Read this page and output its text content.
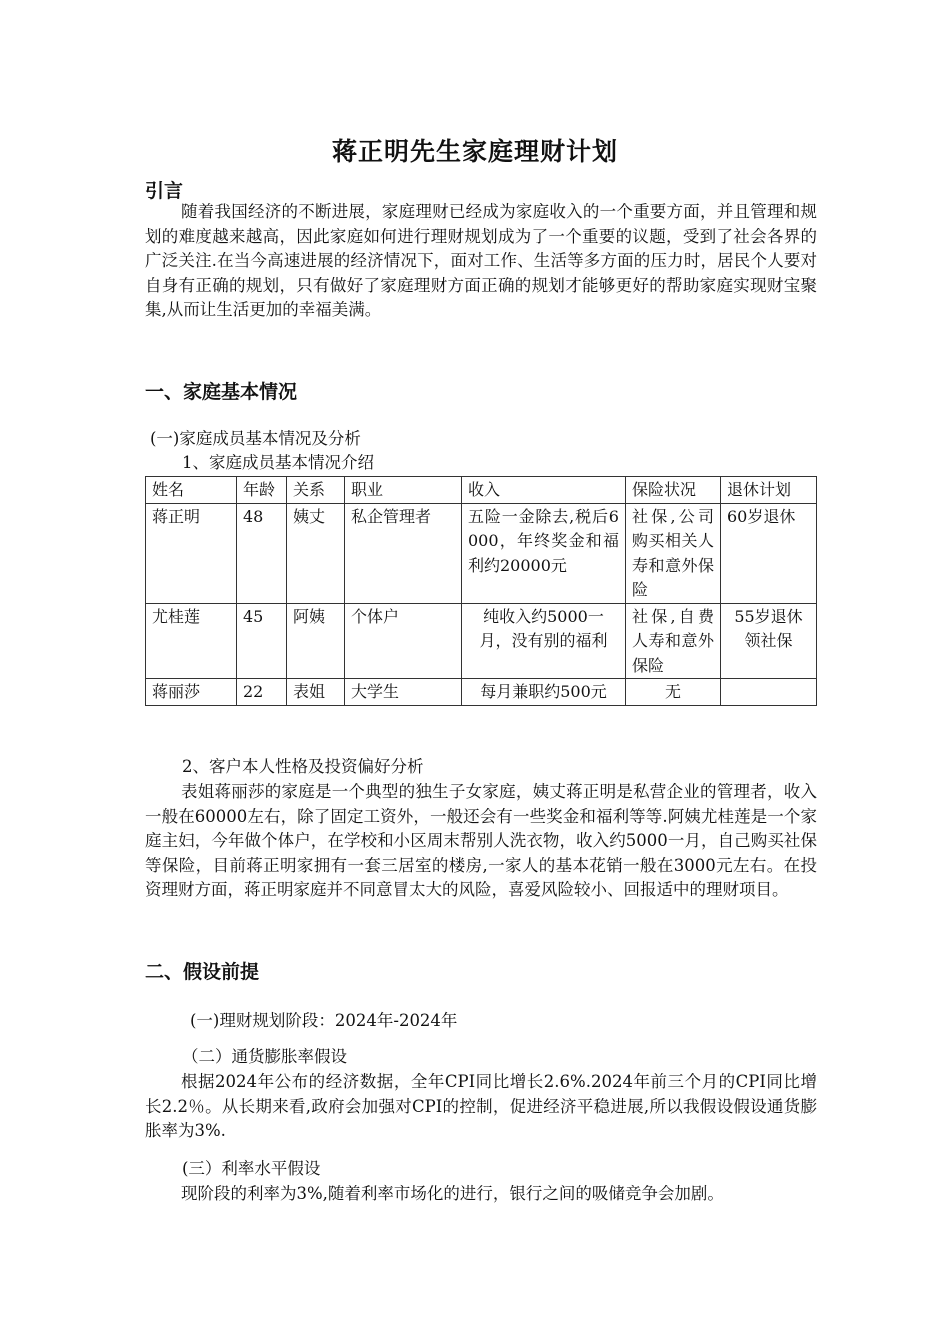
蒋正明先生家庭理财计划
引言

随着我国经济的不断进展，家庭理财已经成为家庭收入的一个重要方面，并且管理和规划的难度越来越高，因此家庭如何进行理财规划成为了一个重要的议题，受到了社会各界的广泛关注.在当今高速进展的经济情况下，面对工作、生活等多方面的压力时，居民个人要对自身有正确的规划，只有做好了家庭理财方面正确的规划才能够更好的帮助家庭实现财宝聚集,从而让生活更加的幸福美满。

一、家庭基本情况

(一)家庭成员基本情况及分析

1、家庭成员基本情况介绍

姓名	年龄	关系	职业	收入	保险状况	退休计划
蒋正明	48	姨丈	私企管理者	五险一金除去,税后6000，年终奖金和福利约20000元	社保,公司购买相关人寿和意外保险	60岁退休
尤桂莲	45	阿姨	个体户	纯收入约5000一月，没有别的福利	社保,自费人寿和意外保险	55岁退休领社保
蒋丽莎	22	表姐	大学生	每月兼职约500元	无	

2、客户本人性格及投资偏好分析

表姐蒋丽莎的家庭是一个典型的独生子女家庭，姨丈蒋正明是私营企业的管理者，收入一般在60000左右，除了固定工资外，一般还会有一些奖金和福利等等.阿姨尤桂莲是一个家庭主妇，今年做个体户，在学校和小区周末帮别人洗衣物，收入约5000一月，自己购买社保等保险，目前蒋正明家拥有一套三居室的楼房,一家人的基本花销一般在3000元左右。在投资理财方面，蒋正明家庭并不同意冒太大的风险，喜爱风险较小、回报适中的理财项目。

二、假设前提

(一)理财规划阶段：2024年-2024年

（二）通货膨胀率假设

根据2024年公布的经济数据，全年CPI同比增长2.6%.2024年前三个月的CPI同比增长2.2％。从长期来看,政府会加强对CPI的控制，促进经济平稳进展,所以我假设假设通货膨胀率为3%.

(三）利率水平假设

现阶段的利率为3%,随着利率市场化的进行，银行之间的吸储竞争会加剧。
